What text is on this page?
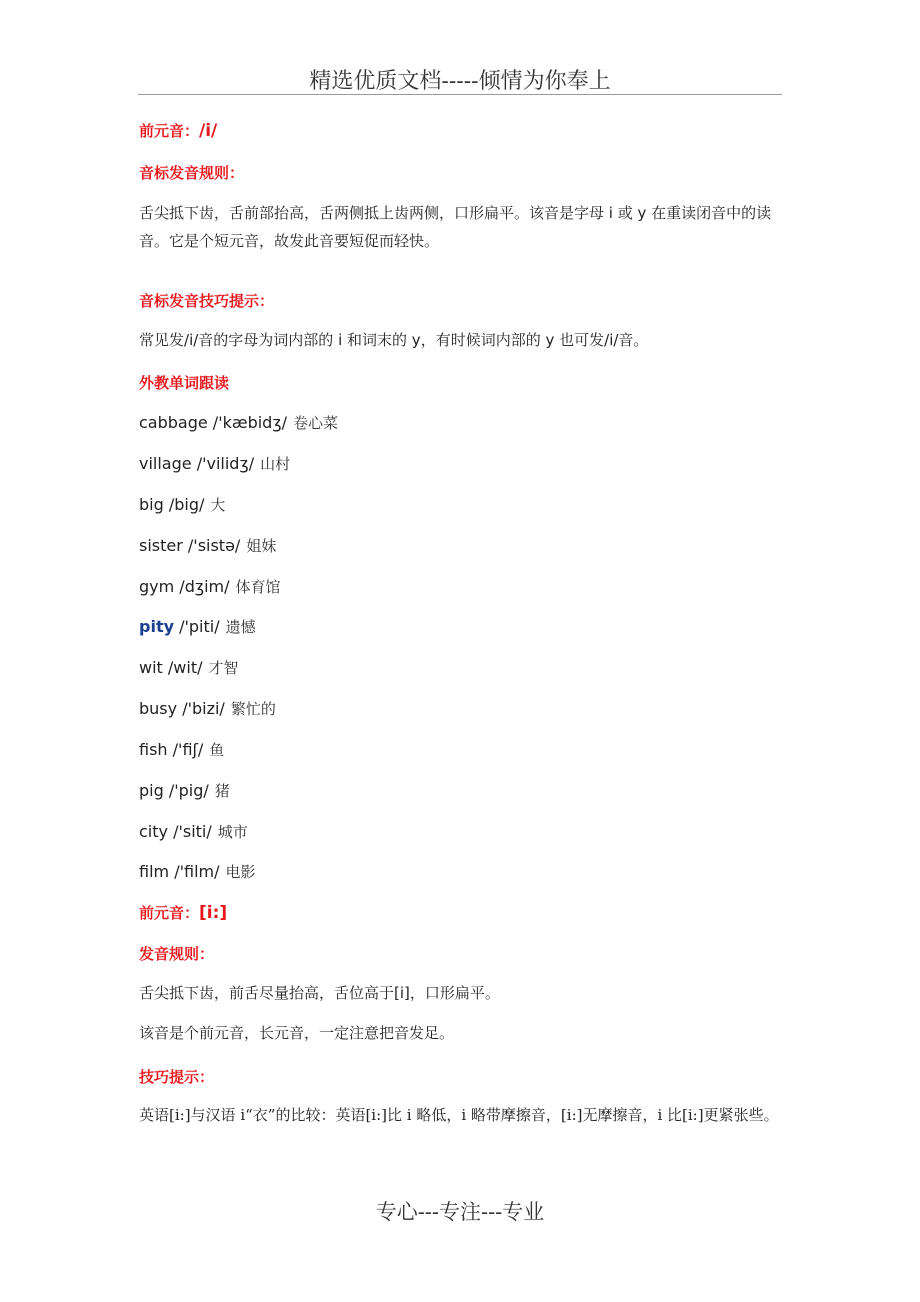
精选优质文档-----倾情为你奉上
前元音：/i/
音标发音规则：
舌尖抵下齿，舌前部抬高，舌两侧抵上齿两侧，口形扁平。该音是字母 i 或 y 在重读闭音中的读音。它是个短元音，故发此音要短促而轻快。
音标发音技巧提示：
常见发/i/音的字母为词内部的 i 和词末的 y，有时候词内部的 y 也可发/i/音。
外教单词跟读
cabbage /'kæbidʒ/ 卷心菜
village /'vilidʒ/ 山村
big /big/ 大
sister /'sistə/ 姐妹
gym /dʒim/ 体育馆
pity /'piti/ 遗憾
wit /wit/ 才智
busy /'bizi/ 繁忙的
fish /'fiʃ/ 鱼
pig /'pig/ 猪
city /'siti/ 城市
film /'film/ 电影
前元音：[i:]
发音规则：
舌尖抵下齿，前舌尽量抬高，舌位高于[i]，口形扁平。
该音是个前元音，长元音，一定注意把音发足。
技巧提示：
英语[i:]与汉语 i“衣”的比较：英语[i:]比 i 略低，i 略带摩擦音，[i:]无摩擦音，i 比[i:]更紧张些。
专心---专注---专业
